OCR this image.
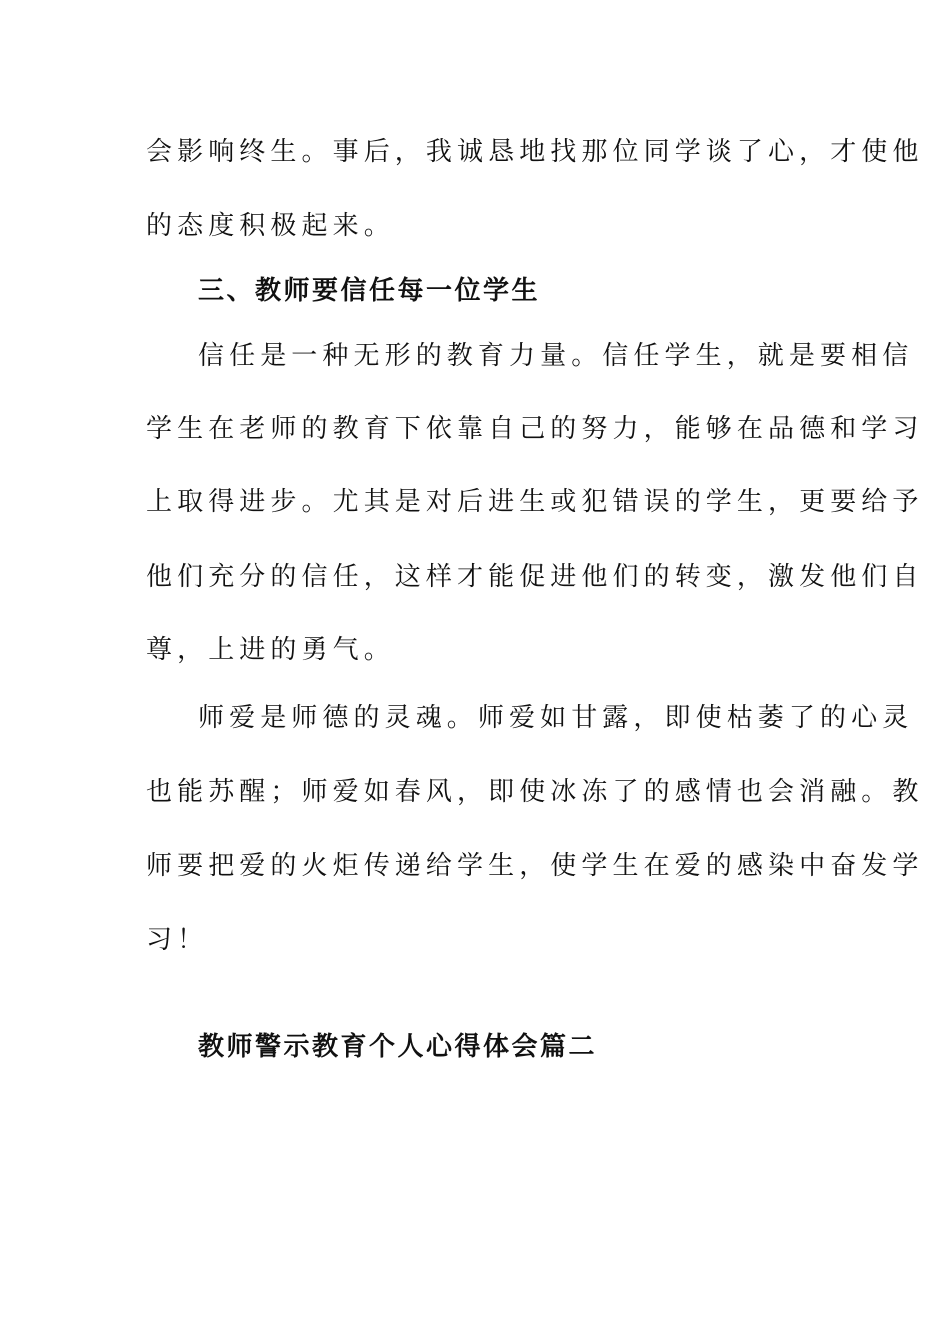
会影响终生。事后，我诚恳地找那位同学谈了心，才使他
的态度积极起来。
三、教师要信任每一位学生
信任是一种无形的教育力量。信任学生，就是要相信
学生在老师的教育下依靠自己的努力，能够在品德和学习
上取得进步。尤其是对后进生或犯错误的学生，更要给予
他们充分的信任，这样才能促进他们的转变，激发他们自
尊，上进的勇气。
师爱是师德的灵魂。师爱如甘露，即使枯萎了的心灵
也能苏醒；师爱如春风，即使冰冻了的感情也会消融。教
师要把爱的火炬传递给学生，使学生在爱的感染中奋发学
习！
教师警示教育个人心得体会篇二
